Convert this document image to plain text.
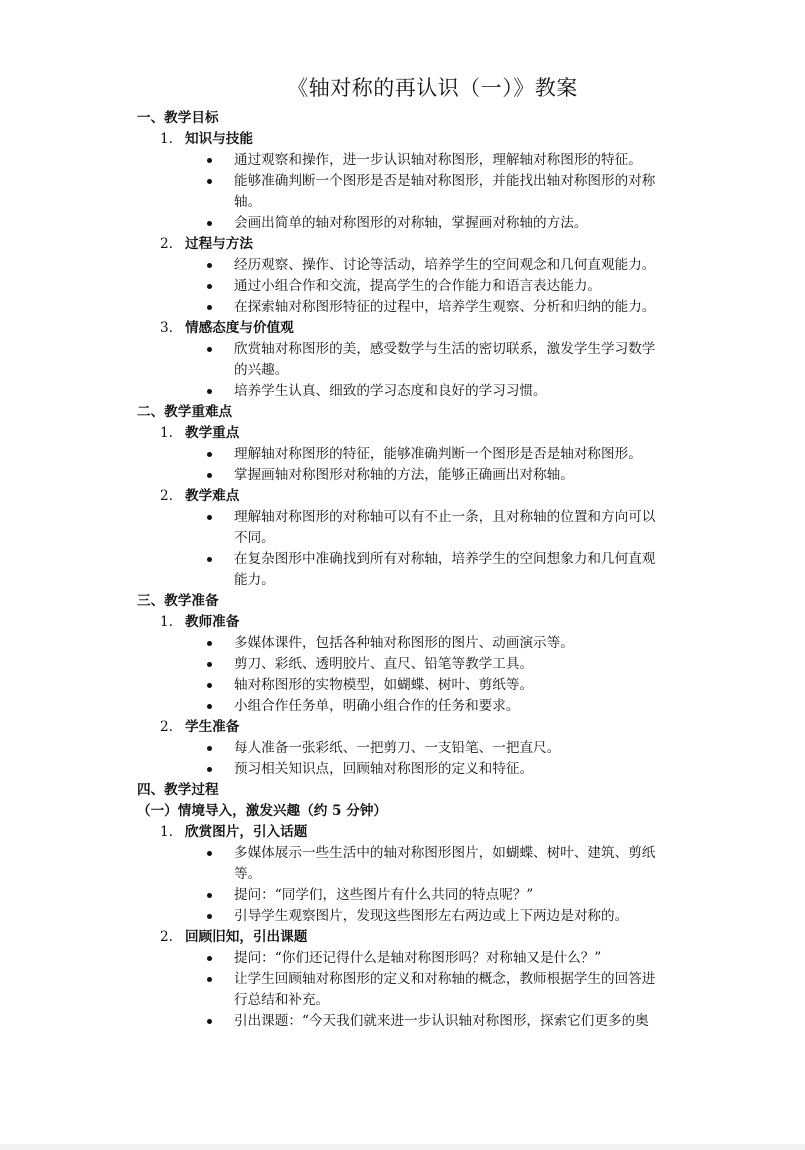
《轴对称的再认识（一）》教案
一、教学目标
1. 知识与技能
通过观察和操作，进一步认识轴对称图形，理解轴对称图形的特征。
能够准确判断一个图形是否是轴对称图形，并能找出轴对称图形的对称轴。
会画出简单的轴对称图形的对称轴，掌握画对称轴的方法。
2. 过程与方法
经历观察、操作、讨论等活动，培养学生的空间观念和几何直观能力。
通过小组合作和交流，提高学生的合作能力和语言表达能力。
在探索轴对称图形特征的过程中，培养学生观察、分析和归纳的能力。
3. 情感态度与价值观
欣赏轴对称图形的美，感受数学与生活的密切联系，激发学生学习数学的兴趣。
培养学生认真、细致的学习态度和良好的学习习惯。
二、教学重难点
1. 教学重点
理解轴对称图形的特征，能够准确判断一个图形是否是轴对称图形。
掌握画轴对称图形对称轴的方法，能够正确画出对称轴。
2. 教学难点
理解轴对称图形的对称轴可以有不止一条，且对称轴的位置和方向可以不同。
在复杂图形中准确找到所有对称轴，培养学生的空间想象力和几何直观能力。
三、教学准备
1. 教师准备
多媒体课件，包括各种轴对称图形的图片、动画演示等。
剪刀、彩纸、透明胶片、直尺、铅笔等教学工具。
轴对称图形的实物模型，如蝴蝶、树叶、剪纸等。
小组合作任务单，明确小组合作的任务和要求。
2. 学生准备
每人准备一张彩纸、一把剪刀、一支铅笔、一把直尺。
预习相关知识点，回顾轴对称图形的定义和特征。
四、教学过程
（一）情境导入，激发兴趣（约 5 分钟）
1. 欣赏图片，引入话题
多媒体展示一些生活中的轴对称图形图片，如蝴蝶、树叶、建筑、剪纸等。
提问：“同学们，这些图片有什么共同的特点呢？”
引导学生观察图片，发现这些图形左右两边或上下两边是对称的。
2. 回顾旧知，引出课题
提问：“你们还记得什么是轴对称图形吗？对称轴又是什么？”
让学生回顾轴对称图形的定义和对称轴的概念，教师根据学生的回答进行总结和补充。
引出课题：“今天我们就来进一步认识轴对称图形，探索它们更多的奥
